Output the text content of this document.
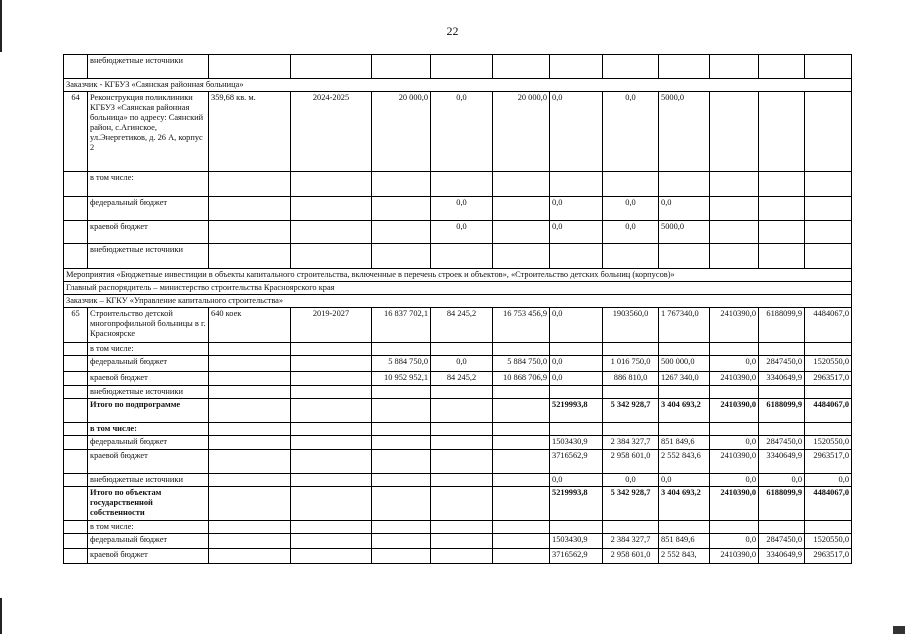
22
	внебюджетные источники											
Заказчик - КГБУЗ «Саянская районная больница»												
64	Реконструкция поликлиники КГБУЗ «Саянская районная больница» по адресу: Саянский район, с.Агинское, ул.Энергетиков, д. 26 А, корпус 2	359,68 кв. м.	2024-2025	20 000,0	0,0	20 000,0	0,0	0,0	5000,0			
	в том числе:											
	федеральный бюджет				0,0		0,0	0,0	0,0			
	краевой бюджет				0,0		0,0	0,0	5000,0			
	внебюджетные источники											
Мероприятия «Бюджетные инвестиции в объекты капитального строительства, включенные в перечень строек и объектов», «Строительство детских больниц (корпусов)»												
Главный распорядитель – министерство строительства Красноярского края												
Заказчик – КГКУ «Управление капитального строительства»												
65	Строительство детской многопрофильной больницы в г. Красноярске	640 коек	2019-2027	16 837 702,1	84 245,2	16 753 456,9	0,0	1903560,0	1 767340,0	2410390,0	6188099,9	4484067,0
	в том числе:											
	федеральный бюджет			5 884 750,0	0,0	5 884 750,0	0,0	1 016 750,0	500 000,0	0,0	2847450,0	1520550,0
	краевой бюджет			10 952 952,1	84 245,2	10 868 706,9	0,0	886 810,0	1267 340,0	2410390,0	3340649,9	2963517,0
	внебюджетные источники											
	Итого по подпрограмме						5219993,8	5 342 928,7	3 404 693,2	2410390,0	6188099,9	4484067,0
	в том числе:											
	федеральный бюджет						1503430,9	2 384 327,7	851 849,6	0,0	2847450,0	1520550,0
	краевой бюджет						3716562,9	2 958 601,0	2 552 843,6	2410390,0	3340649,9	2963517,0
	внебюджетные источники						0,0	0,0	0,0	0,0	0,0	0,0
	Итого по объектам государственной собственности						5219993,8	5 342 928,7	3 404 693,2	2410390,0	6188099,9	4484067,0
	в том числе:											
	федеральный бюджет						1503430,9	2 384 327,7	851 849,6	0,0	2847450,0	1520550,0
	краевой бюджет						3716562,9	2 958 601,0	2 552 843,	2410390,0	3340649,9	2963517,0
